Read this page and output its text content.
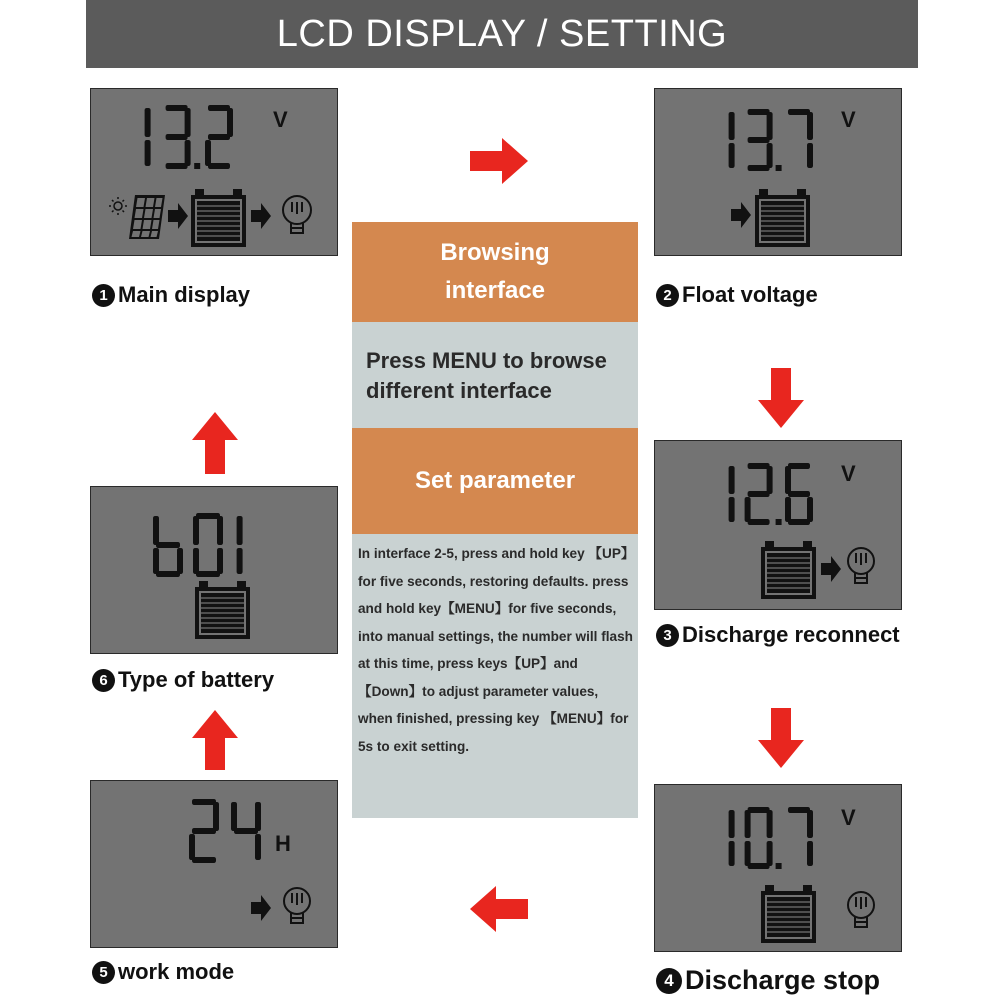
LCD DISPLAY / SETTING
V
1 Main display
V
2 Float voltage
V
3 Discharge reconnect
V
4 Discharge stop
H
5 work mode
6 Type of battery
Browsing interface
Press MENU to browse different interface
Set parameter
In interface 2-5, press and hold key 【UP】for five seconds, restoring defaults. press and hold key【MENU】for five seconds, into manual settings, the number will flash at this time, press keys【UP】and 【Down】to adjust parameter values, when finished, pressing key 【MENU】for 5s to exit setting.
